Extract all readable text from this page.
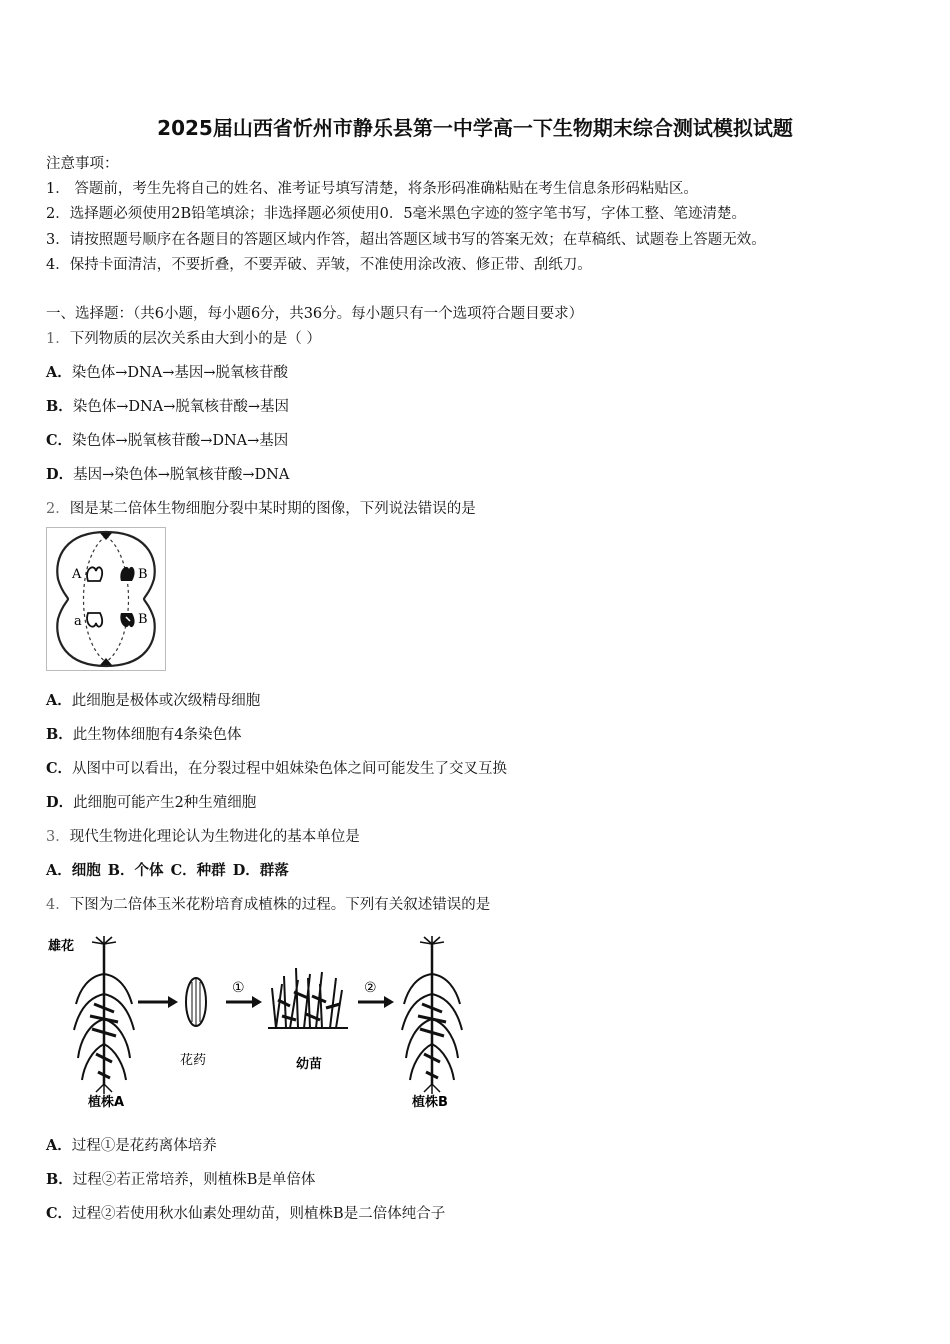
2025届山西省忻州市静乐县第一中学高一下生物期末综合测试模拟试题
注意事项：
1． 答题前，考生先将自己的姓名、准考证号填写清楚，将条形码准确粘贴在考生信息条形码粘贴区。
2．选择题必须使用2B铅笔填涂；非选择题必须使用0．5毫米黑色字迹的签字笔书写，字体工整、笔迹清楚。
3．请按照题号顺序在各题目的答题区域内作答，超出答题区域书写的答案无效；在草稿纸、试题卷上答题无效。
4．保持卡面清洁，不要折叠，不要弄破、弄皱，不准使用涂改液、修正带、刮纸刀。
一、选择题：（共6小题，每小题6分，共36分。每小题只有一个选项符合题目要求）
1．下列物质的层次关系由大到小的是（ ）
A．染色体→DNA→基因→脱氧核苷酸
B．染色体→DNA→脱氧核苷酸→基因
C．染色体→脱氧核苷酸→DNA→基因
D．基因→染色体→脱氧核苷酸→DNA
2．图是某二倍体生物细胞分裂中某时期的图像，下列说法错误的是
A	B
a	B
A．此细胞是极体或次级精母细胞
B．此生物体细胞有4条染色体
C．从图中可以看出，在分裂过程中姐妹染色体之间可能发生了交叉互换
D．此细胞可能产生2种生殖细胞
3．现代生物进化理论认为生物进化的基本单位是
A．细胞 B．个体 C．种群 D．群落
4．下图为二倍体玉米花粉培育成植株的过程。下列有关叙述错误的是
雄花
①	②
花药	幼苗
植株A	植株B
A．过程①是花药离体培养
B．过程②若正常培养，则植株B是单倍体
C．过程②若使用秋水仙素处理幼苗，则植株B是二倍体纯合子
